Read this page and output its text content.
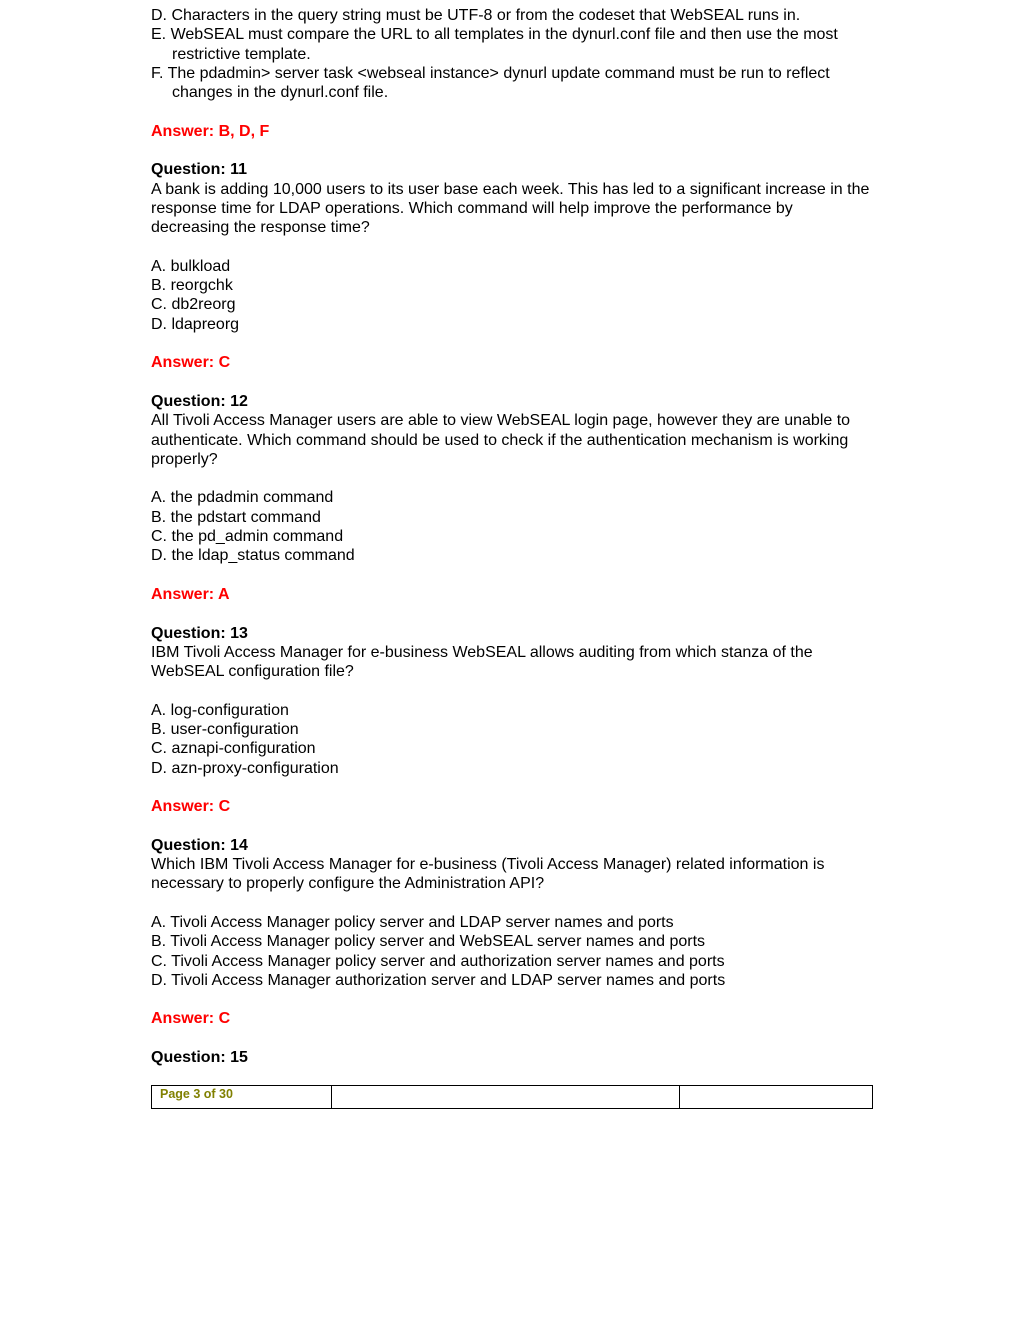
D. Characters in the query string must be UTF-8 or from the codeset that WebSEAL runs in.
E. WebSEAL must compare the URL to all templates in the dynurl.conf file and then use the most restrictive template.
F. The pdadmin> server task <webseal instance> dynurl update command must be run to reflect changes in the dynurl.conf file.
Answer: B, D, F
Question: 11
A bank is adding 10,000 users to its user base each week. This has led to a significant increase in the response time for LDAP operations. Which command will help improve the performance by decreasing the response time?
A. bulkload
B. reorgchk
C. db2reorg
D. ldapreorg
Answer: C
Question: 12
All Tivoli Access Manager users are able to view WebSEAL login page, however they are unable to authenticate. Which command should be used to check if the authentication mechanism is working properly?
A. the pdadmin command
B. the pdstart command
C. the pd_admin command
D. the ldap_status command
Answer: A
Question: 13
IBM Tivoli Access Manager for e-business WebSEAL allows auditing from which stanza of the WebSEAL configuration file?
A. log-configuration
B. user-configuration
C. aznapi-configuration
D. azn-proxy-configuration
Answer: C
Question: 14
Which IBM Tivoli Access Manager for e-business (Tivoli Access Manager) related information is necessary to properly configure the Administration API?
A. Tivoli Access Manager policy server and LDAP server names and ports
B. Tivoli Access Manager policy server and WebSEAL server names and ports
C. Tivoli Access Manager policy server and authorization server names and ports
D. Tivoli Access Manager authorization server and LDAP server names and ports
Answer: C
Question: 15
Page 3 of 30
